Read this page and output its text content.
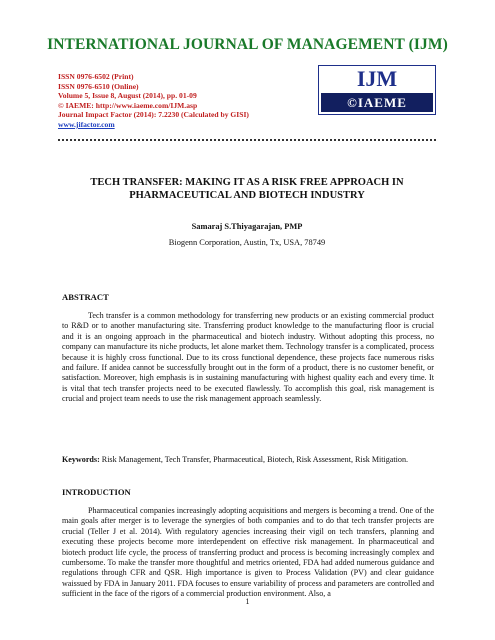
INTERNATIONAL JOURNAL OF MANAGEMENT (IJM)
ISSN 0976-6502 (Print)
ISSN 0976-6510 (Online)
Volume 5, Issue 8, August (2014), pp. 01-09
© IAEME: http://www.iaeme.com/IJM.asp
Journal Impact Factor (2014): 7.2230 (Calculated by GISI)
www.jifactor.com
IJM
©IAEME
TECH TRANSFER: MAKING IT AS A RISK FREE APPROACH IN
PHARMACEUTICAL AND BIOTECH INDUSTRY
Samaraj S.Thiyagarajan, PMP
Biogenn Corporation, Austin, Tx, USA, 78749
ABSTRACT
Tech transfer is a common methodology for transferring new products or an existing commercial product to R&D or to another manufacturing site. Transferring product knowledge to the manufacturing floor is crucial and it is an ongoing approach in the pharmaceutical and biotech industry. Without adopting this process, no company can manufacture its niche products, let alone market them. Technology transfer is a complicated, process because it is highly cross functional. Due to its cross functional dependence, these projects face numerous risks and failure. If anidea cannot be successfully brought out in the form of a product, there is no customer benefit, or satisfaction. Moreover, high emphasis is in sustaining manufacturing with highest quality each and every time. It is vital that tech transfer projects need to be executed flawlessly. To accomplish this goal, risk management is crucial and project team needs to use the risk management approach seamlessly.
Keywords: Risk Management, Tech Transfer, Pharmaceutical, Biotech, Risk Assessment, Risk Mitigation.
INTRODUCTION
Pharmaceutical companies increasingly adopting acquisitions and mergers is becoming a trend. One of the main goals after merger is to leverage the synergies of both companies and to do that tech transfer projects are crucial (Teller J et al. 2014). With regulatory agencies increasing their vigil on tech transfers, planning and executing these projects become more interdependent on effective risk management. In pharmaceutical and biotech product life cycle, the process of transferring product and process is becoming increasingly complex and cumbersome. To make the transfer more thoughtful and metrics oriented, FDA had added numerous guidance and regulations through CFR and QSR. High importance is given to Process Validation (PV) and clear guidance waissued by FDA in January 2011. FDA focuses to ensure variability of process and parameters are controlled and sufficient in the face of the rigors of a commercial production environment. Also, a
1
